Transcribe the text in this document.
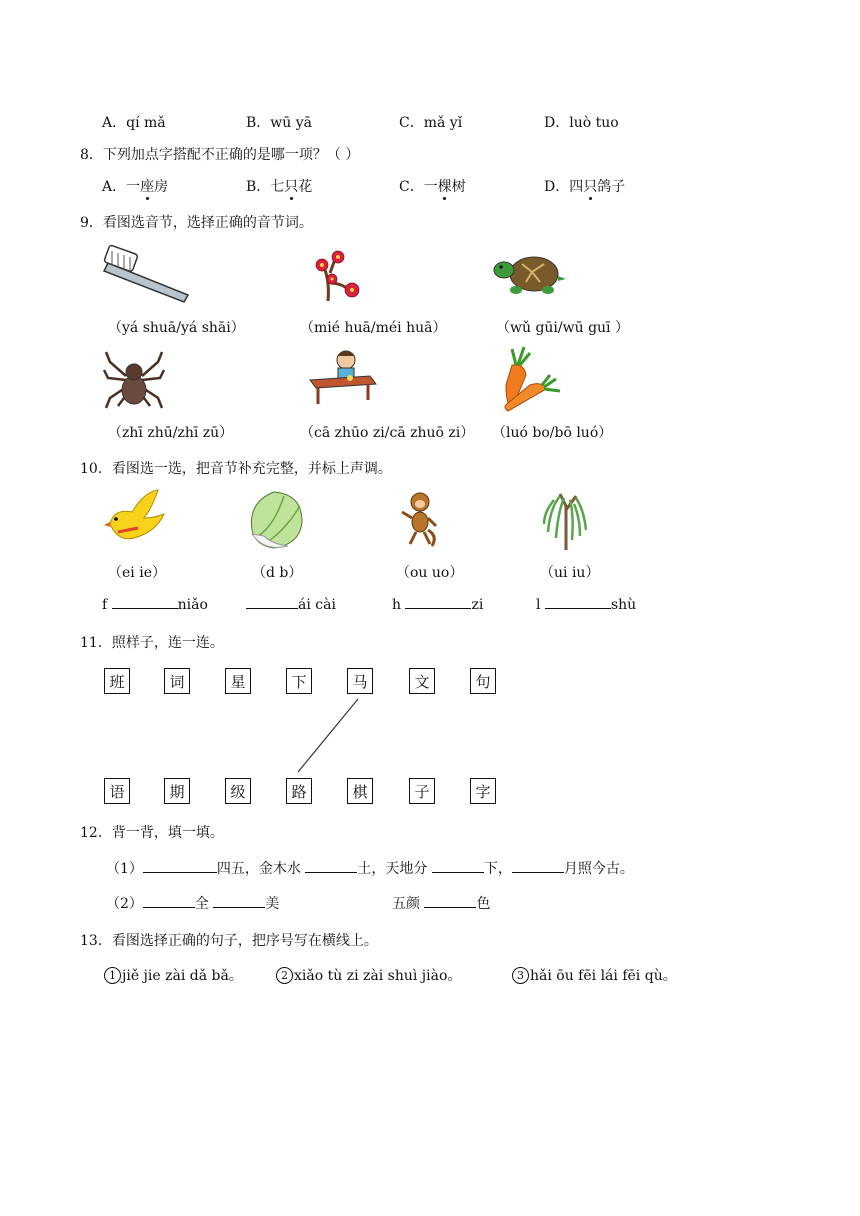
A．qí mǎ	B．wū yā	C．mǎ yǐ	D．luò tuo
8．下列加点字搭配不正确的是哪一项？（ ）
A．一座房	B．七只花	C．一棵树	D．四只鸽子
9．看图选音节，选择正确的音节词。
（yá shuā/yá shāi）	（mié huā/méi huā）	（wǔ gūi/wū guī ）
（zhī zhū/zhī zū）	（cā zhūo zi/cā zhuō zi） （luó bo/bō luó）
10．看图选一选，把音节补充完整，并标上声调。
（ei ie）	（d b）	（ou uo）	（ui iu）
f	niǎo	ái cài	h	zi	l	shù
11．照样子，连一连。
班	词	星	下	马	文	句
语	期	级	路	棋	子	字
12．背一背，填一填。
（1）	四五，金木水	土，天地分	下，	月照今古。
（2）	全	美	五颜	色
13．看图选择正确的句子，把序号写在横线上。
1 jiě jie zài dǎ bǎ。	2 xiǎo tù zi zài shuì jiào。	3 hǎi ōu fēi lái fēi qù。
